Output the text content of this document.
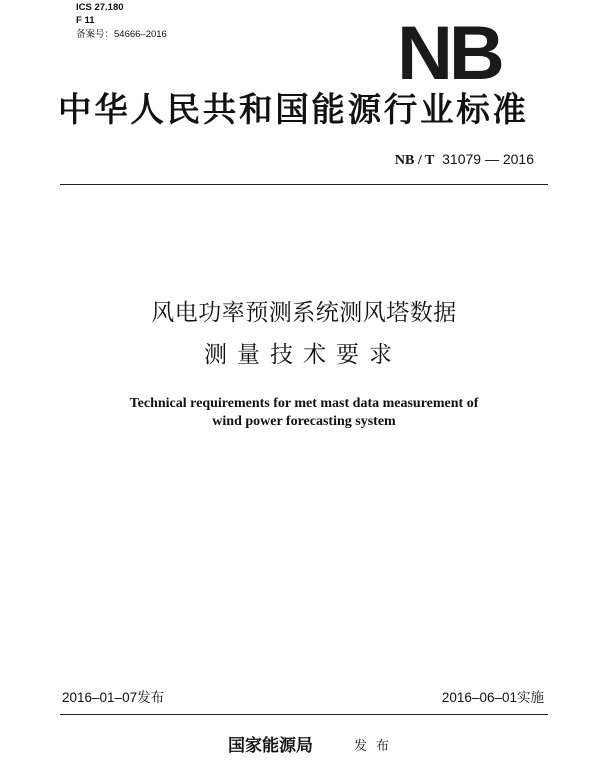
ICS 27.180
F 11
备案号：54666–2016	NB
中华人民共和国能源行业标准
NB / T 31079 — 2016
风电功率预测系统测风塔数据
测量技术要求
Technical requirements for met mast data measurement of
wind power forecasting system
2016–01–07发布	2016–06–01实施
国家能源局	发布
